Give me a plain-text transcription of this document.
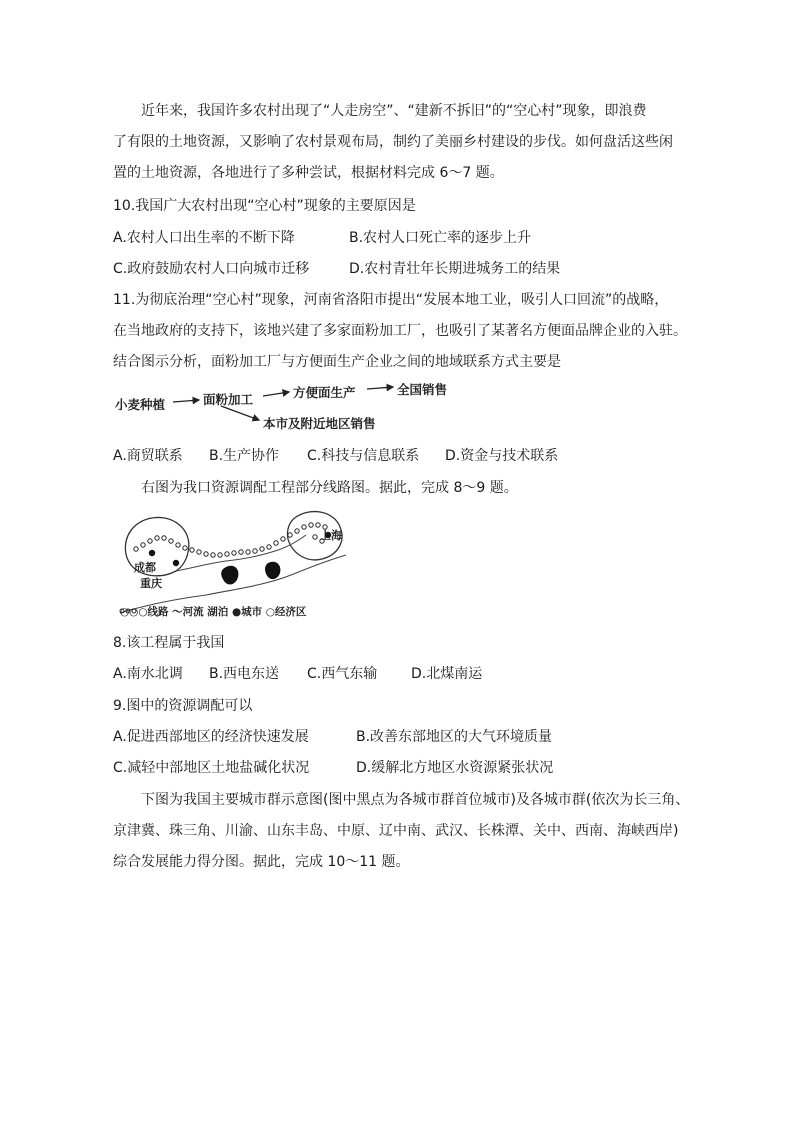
近年来，我国许多农村出现了“人走房空”、“建新不拆旧”的“空心村”现象，即浪费
了有限的土地资源，又影响了农村景观布局，制约了美丽乡村建设的步伐。如何盘活这些闲
置的土地资源，各地进行了多种尝试，根据材料完成 6～7 题。
10.我国广大农村出现“空心村”现象的主要原因是
A.农村人口出生率的不断下降	B.农村人口死亡率的逐步上升
C.政府鼓励农村人口向城市迁移	D.农村青壮年长期进城务工的结果
11.为彻底治理“空心村”现象，河南省洛阳市提出“发展本地工业，吸引人口回流”的战略，
在当地政府的支持下，该地兴建了多家面粉加工厂，也吸引了某著名方便面品牌企业的入驻。
结合图示分析，面粉加工厂与方便面生产企业之间的地域联系方式主要是
小麦种植	面粉加工	方便面生产	全国销售
本市及附近地区销售
A.商贸联系 B.生产协作 C.科技与信息联系 D.资金与技术联系
右图为我口资源调配工程部分线路图。据此，完成 8～9 题。
上海
成都
重庆
○○○线路 〜河流 湖泊 ●城市 ○经济区
8.该工程属于我国
A.南水北调 B.西电东送 C.西气东输 D.北煤南运
9.图中的资源调配可以
A.促进西部地区的经济快速发展	B.改善东部地区的大气环境质量
C.减轻中部地区土地盐碱化状况	D.缓解北方地区水资源紧张状况
下图为我国主要城市群示意图(图中黑点为各城市群首位城市)及各城市群(依次为长三角、
京津冀、珠三角、川渝、山东丰岛、中原、辽中南、武汉、长株潭、关中、西南、海峡西岸)
综合发展能力得分图。据此，完成 10～11 题。
